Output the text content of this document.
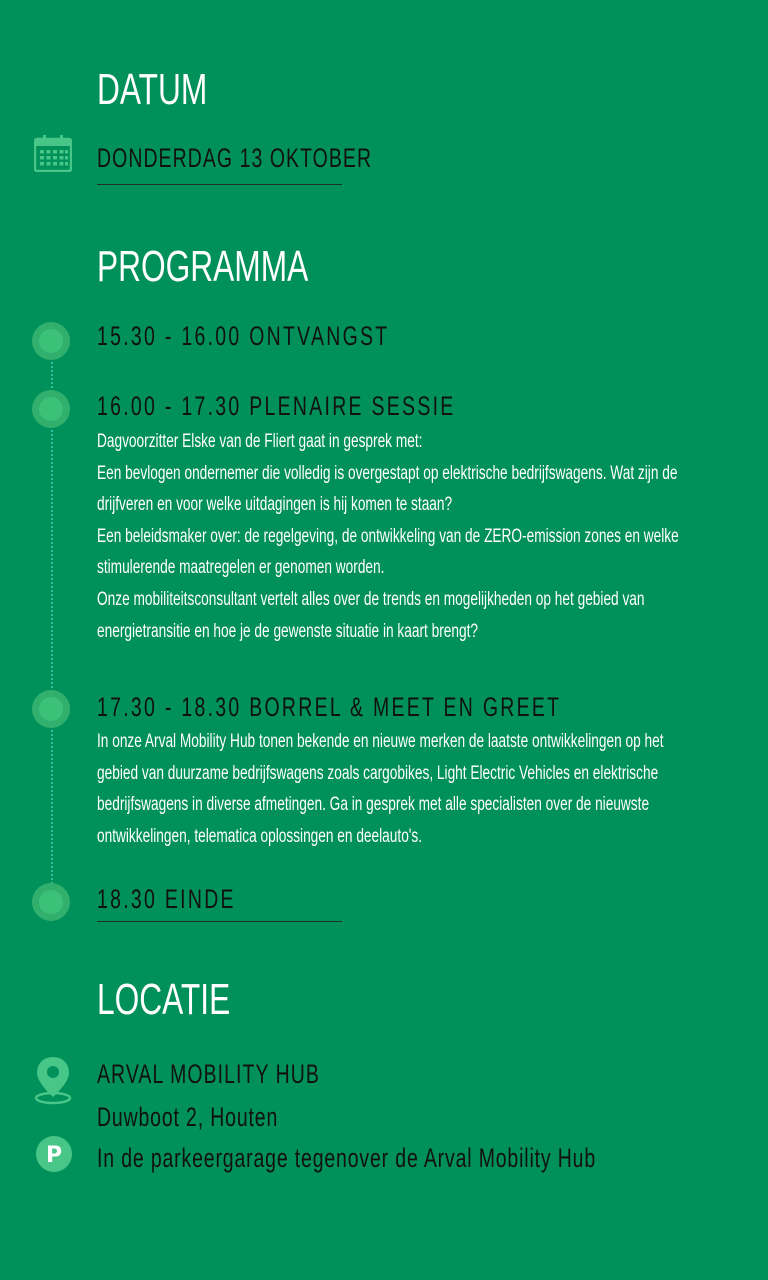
DATUM
DONDERDAG 13 OKTOBER
PROGRAMMA
15.30 - 16.00 ONTVANGST
16.00 - 17.30 PLENAIRE SESSIE

Dagvoorzitter Elske van de Fliert gaat in gesprek met:
Een bevlogen ondernemer die volledig is overgestapt op elektrische bedrijfswagens. Wat zijn de
drijfveren en voor welke uitdagingen is hij komen te staan?
Een beleidsmaker over: de regelgeving, de ontwikkeling van de ZERO-emission zones en welke
stimulerende maatregelen er genomen worden.
Onze mobiliteitsconsultant vertelt alles over de trends en mogelijkheden op het gebied van
energietransitie en hoe je de gewenste situatie in kaart brengt?

17.30 - 18.30 BORREL & MEET EN GREET

In onze Arval Mobility Hub tonen bekende en nieuwe merken de laatste ontwikkelingen op het
gebied van duurzame bedrijfswagens zoals cargobikes, Light Electric Vehicles en elektrische
bedrijfswagens in diverse afmetingen. Ga in gesprek met alle specialisten over de nieuwste
ontwikkelingen, telematica oplossingen en deelauto's.

18.30 EINDE
LOCATIE
ARVAL MOBILITY HUB
Duwboot 2, Houten
P In de parkeergarage tegenover de Arval Mobility Hub
